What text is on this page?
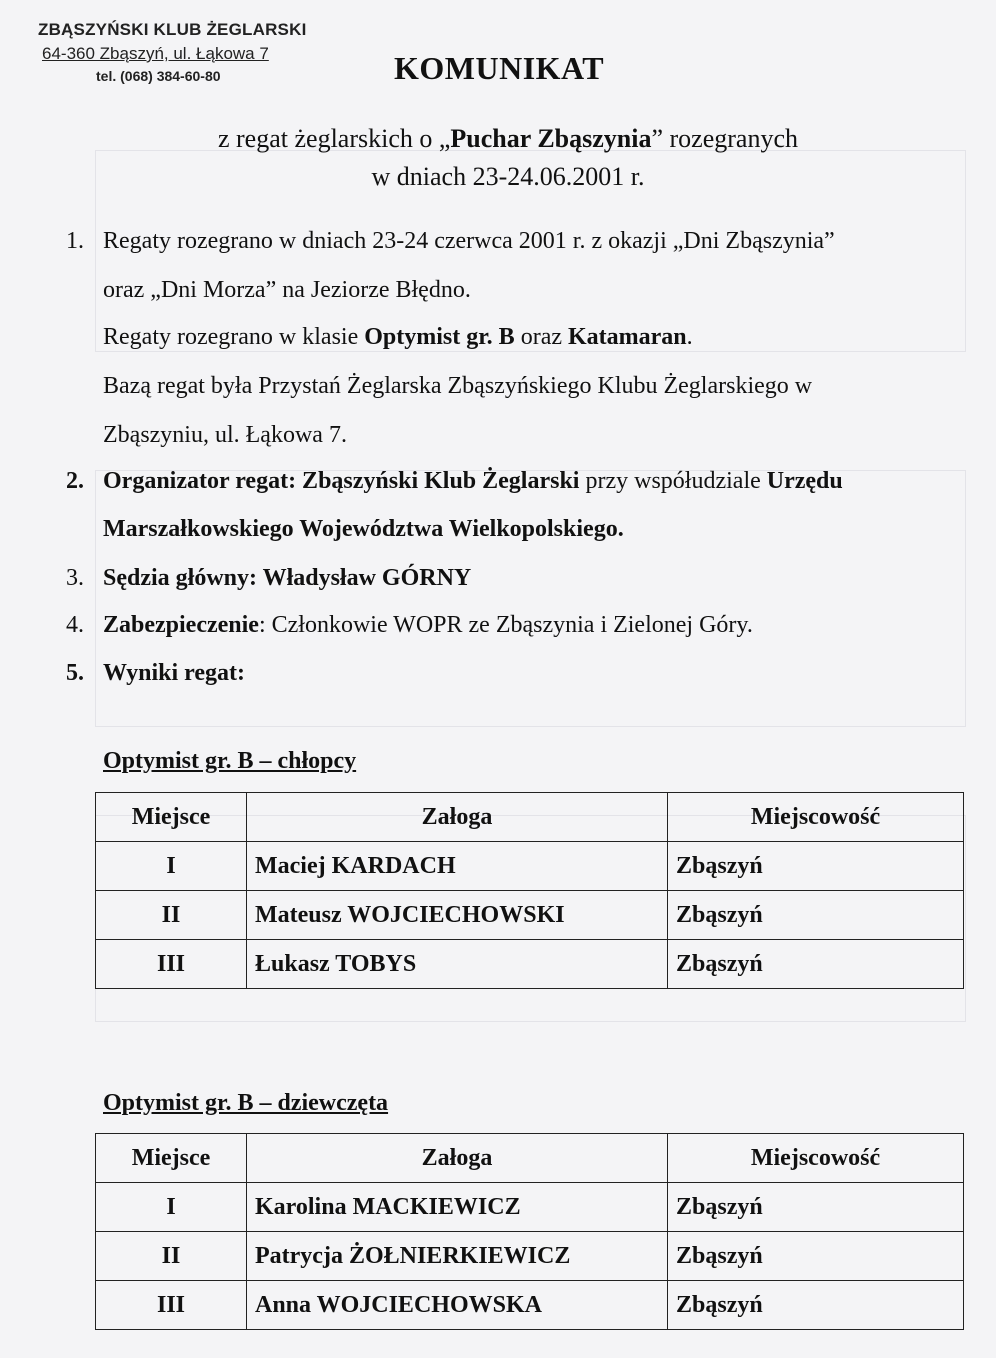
ZBĄSZYŃSKI KLUB ŻEGLARSKI
64-360 Zbąszyń, ul. Łąkowa 7
tel. (068) 384-60-80	KOMUNIKAT
z regat żeglarskich o „Puchar Zbąszynia” rozegranych
w dniach 23-24.06.2001 r.
1. Regaty rozegrano w dniach 23-24 czerwca 2001 r. z okazji „Dni Zbąszynia”
oraz „Dni Morza” na Jeziorze Błędno.
Regaty rozegrano w klasie Optymist gr. B oraz Katamaran.
Bazą regat była Przystań Żeglarska Zbąszyńskiego Klubu Żeglarskiego w
Zbąszyniu, ul. Łąkowa 7.
2. Organizator regat: Zbąszyński Klub Żeglarski przy współudziale Urzędu
Marszałkowskiego Województwa Wielkopolskiego.
3. Sędzia główny: Władysław GÓRNY
4. Zabezpieczenie: Członkowie WOPR ze Zbąszynia i Zielonej Góry.
5. Wyniki regat:
Optymist gr. B – chłopcy
Miejsce	Załoga	Miejscowość
I	Maciej KARDACH	Zbąszyń
II	Mateusz WOJCIECHOWSKI	Zbąszyń
III	Łukasz TOBYS	Zbąszyń
Optymist gr. B – dziewczęta
Miejsce	Załoga	Miejscowość
I	Karolina MACKIEWICZ	Zbąszyń
II	Patrycja ŻOŁNIERKIEWICZ	Zbąszyń
III	Anna WOJCIECHOWSKA	Zbąszyń
